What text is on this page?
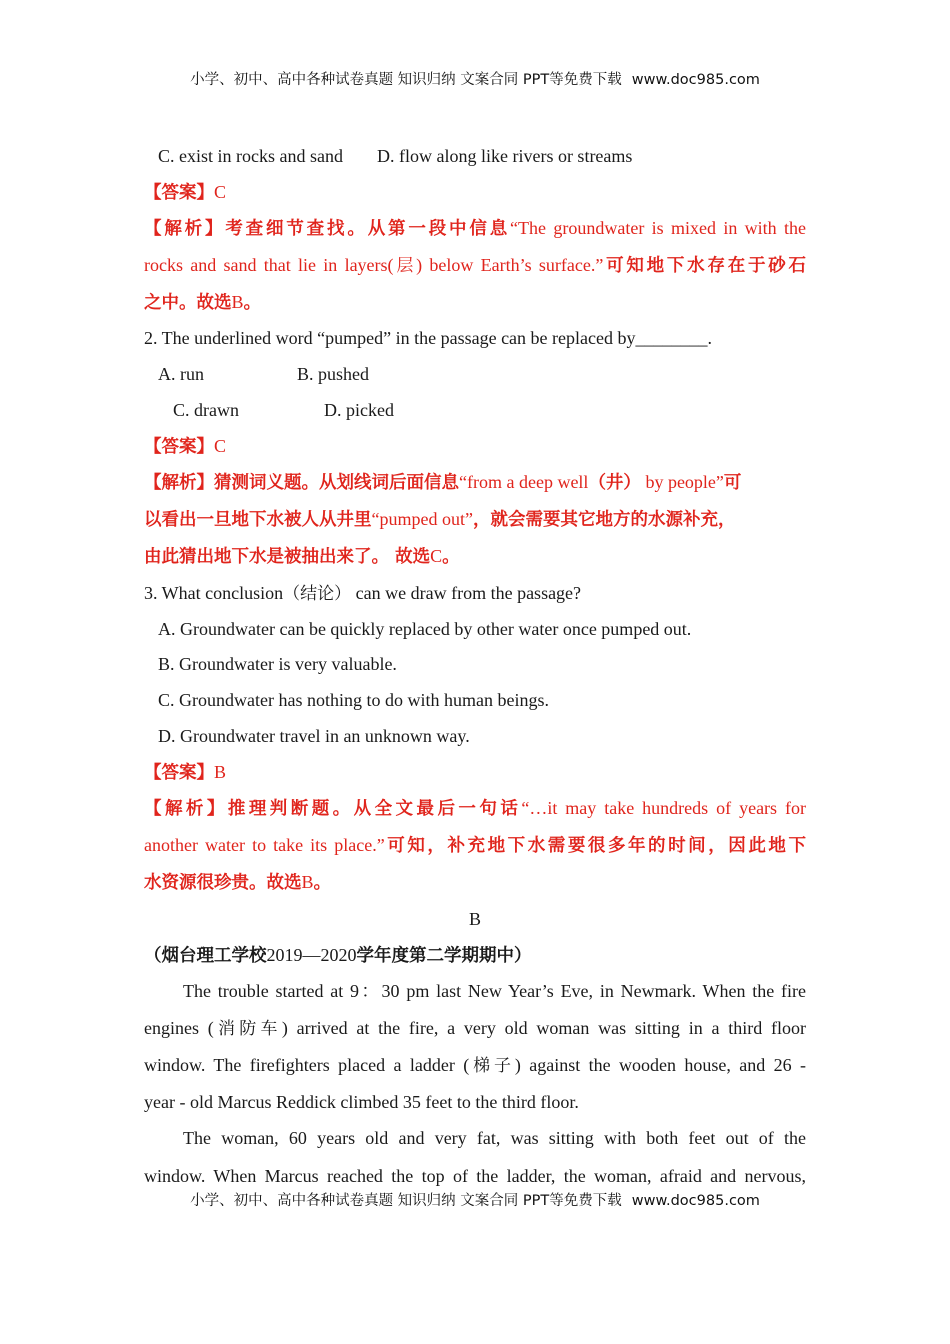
小学、初中、高中各种试卷真题 知识归纳 文案合同 PPT等免费下载 www.doc985.com
C. exist in rocks and sand D. flow along like rivers or streams
【答案】C
【解析】考查细节查找。从第一段中信息“The groundwater is mixed in with the
rocks and sand that lie in layers(层) below Earth’s surface.”可知地下水存在于砂石
之中。故选B。
2. The underlined word “pumped” in the passage can be replaced by________.
A. run	B. pushed
C. drawn	D. picked
【答案】C
【解析】猜测词义题。从划线词后面信息“from a deep well（井） by people”可
以看出一旦地下水被人从井里“pumped out”，就会需要其它地方的水源补充，
由此猜出地下水是被抽出来了。 故选C。
3. What conclusion（结论） can we draw from the passage?
A. Groundwater can be quickly replaced by other water once pumped out.
B. Groundwater is very valuable.
C. Groundwater has nothing to do with human beings.
D. Groundwater travel in an unknown way.
【答案】B
【解析】推理判断题。从全文最后一句话“…it may take hundreds of years for
another water to take its place.”可知，补充地下水需要很多年的时间，因此地下
水资源很珍贵。故选B。
B
（烟台理工学校2019—2020学年度第二学期期中）
The trouble started at 9：30 pm last New Year’s Eve, in Newmark. When the fire
engines (消防车) arrived at the fire, a very old woman was sitting in a third floor
window. The firefighters placed a ladder (梯子) against the wooden house, and 26 -
year - old Marcus Reddick climbed 35 feet to the third floor.
The woman, 60 years old and very fat, was sitting with both feet out of the
window. When Marcus reached the top of the ladder, the woman, afraid and nervous,
小学、初中、高中各种试卷真题 知识归纳 文案合同 PPT等免费下载 www.doc985.com
